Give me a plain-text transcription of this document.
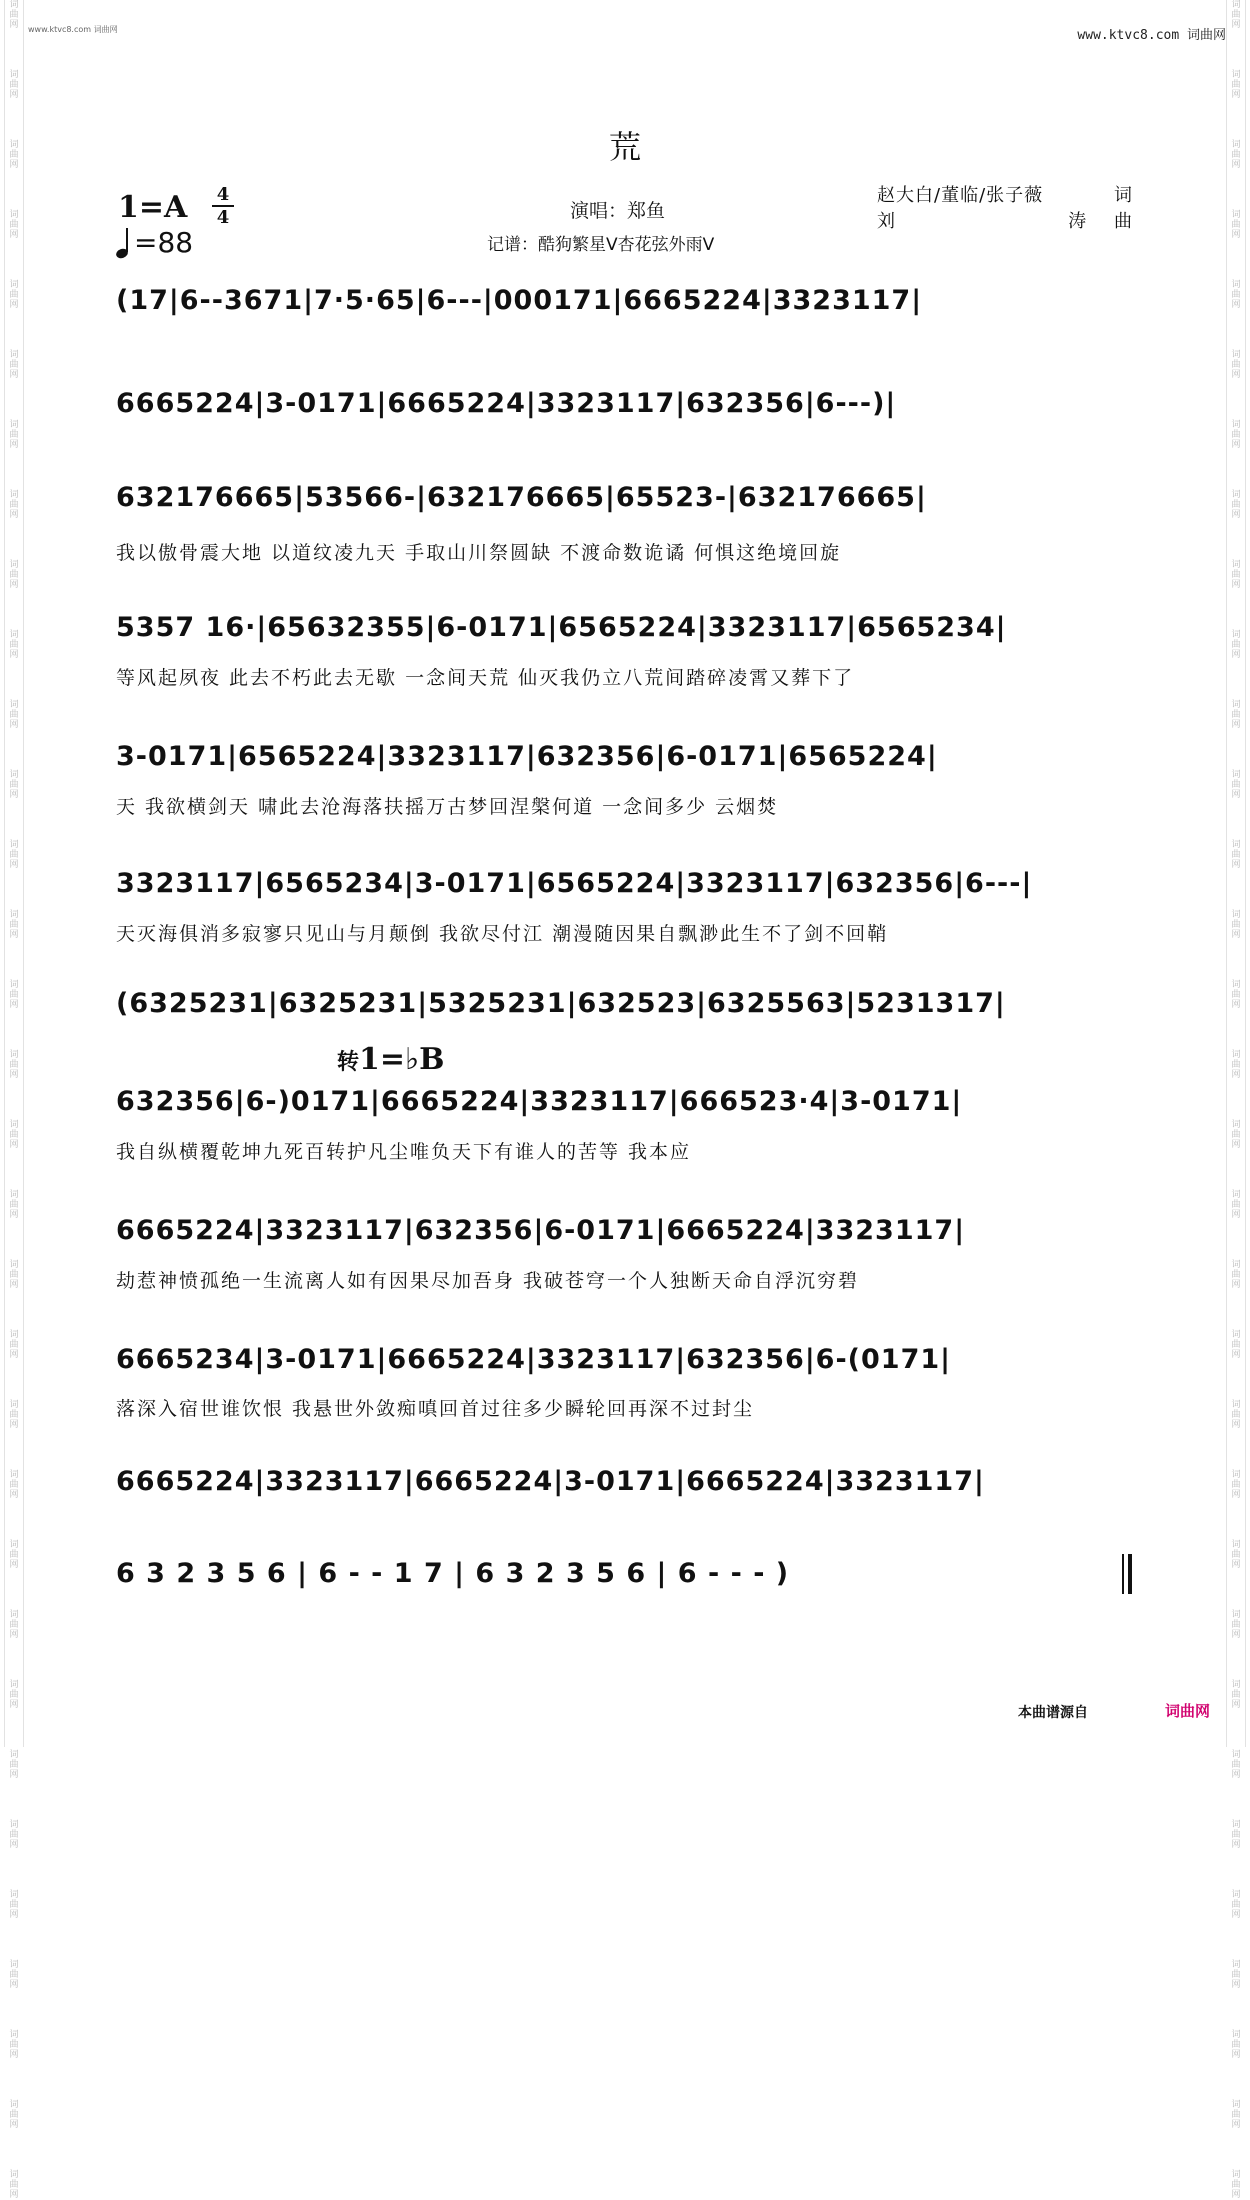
词
曲
网
词
曲
网
词
曲
网
词
曲
网
词
曲
网
词
曲
网
词
曲
网
词
曲
网
词
曲
网
词
曲
网
词
曲
网
词
曲
网
词
曲
网
词
曲
网
词
曲
网
词
曲
网
词
曲
网
词
曲
网
词
曲
网
词
曲
网
词
曲
网
词
曲
网
词
曲
网
词
曲
网
词
曲
网
词
曲
网
词
曲
网
词
曲
网
词
曲
网
词
曲
网
词
曲
网
词
曲
网
词
曲
网
词
曲
网
词
曲
网
词
曲
网
词
曲
网
词
曲
网
词
曲
网
词
曲
网
词
曲
网
词
曲
网
词
曲
网
词
曲
网
词
曲
网
词
曲
网
词
曲
网
词
曲
网
词
曲
网
词
曲
网
词
曲
网
词
曲
网
词
曲
网
词
曲
网
词
曲
网
词
曲
网
词
曲
网
词
曲
网
词
曲
网
词
曲
网
词
曲
网
词
曲
网
词
曲
网
词
曲
网
www.ktvc8.com 词曲网	www.ktvc8.com 词曲网
荒
1=A 4
4
=88
演唱：郑鱼
记谱：酷狗繁星V杏花弦外雨V
赵大白/董临/张子薇	词
刘	涛
曲
(17|6--3671|7·5·65|6---|000171|6665224|3323117|
6665224|3-0171|6665224|3323117|632356|6---)|
632176665|53566-|632176665|65523-|632176665|
我以傲骨震大地 以道纹凌九天 手取山川祭圆缺 不渡命数诡谲 何惧这绝境回旋
5357 16·|65632355|6-0171|6565224|3323117|6565234|
等风起夙夜 此去不朽此去无歇 一念间天荒 仙灭我仍立八荒间踏碎凌霄又葬下了
3-0171|6565224|3323117|632356|6-0171|6565224|
天 我欲横剑天 啸此去沧海落扶摇万古梦回涅槃何道 一念间多少 云烟焚
3323117|6565234|3-0171|6565224|3323117|632356|6---|
天灭海俱消多寂寥只见山与月颠倒 我欲尽付江 潮漫随因果自飘渺此生不了剑不回鞘
(6325231|6325231|5325231|632523|6325563|5231317|
转1=♭B
632356|6-)0171|6665224|3323117|666523·4|3-0171|
我自纵横覆乾坤九死百转护凡尘唯负天下有谁人的苦等 我本应
6665224|3323117|632356|6-0171|6665224|3323117|
劫惹神愤孤绝一生流离人如有因果尽加吾身 我破苍穹一个人独断天命自浮沉穷碧
6665234|3-0171|6665224|3323117|632356|6-(0171|
落深入宿世谁饮恨 我悬世外敛痴嗔回首过往多少瞬轮回再深不过封尘
6665224|3323117|6665224|3-0171|6665224|3323117|
6 3 2 3 5 6 | 6 - - 1 7 | 6 3 2 3 5 6 | 6 - - - )
本曲谱源自	词曲网
